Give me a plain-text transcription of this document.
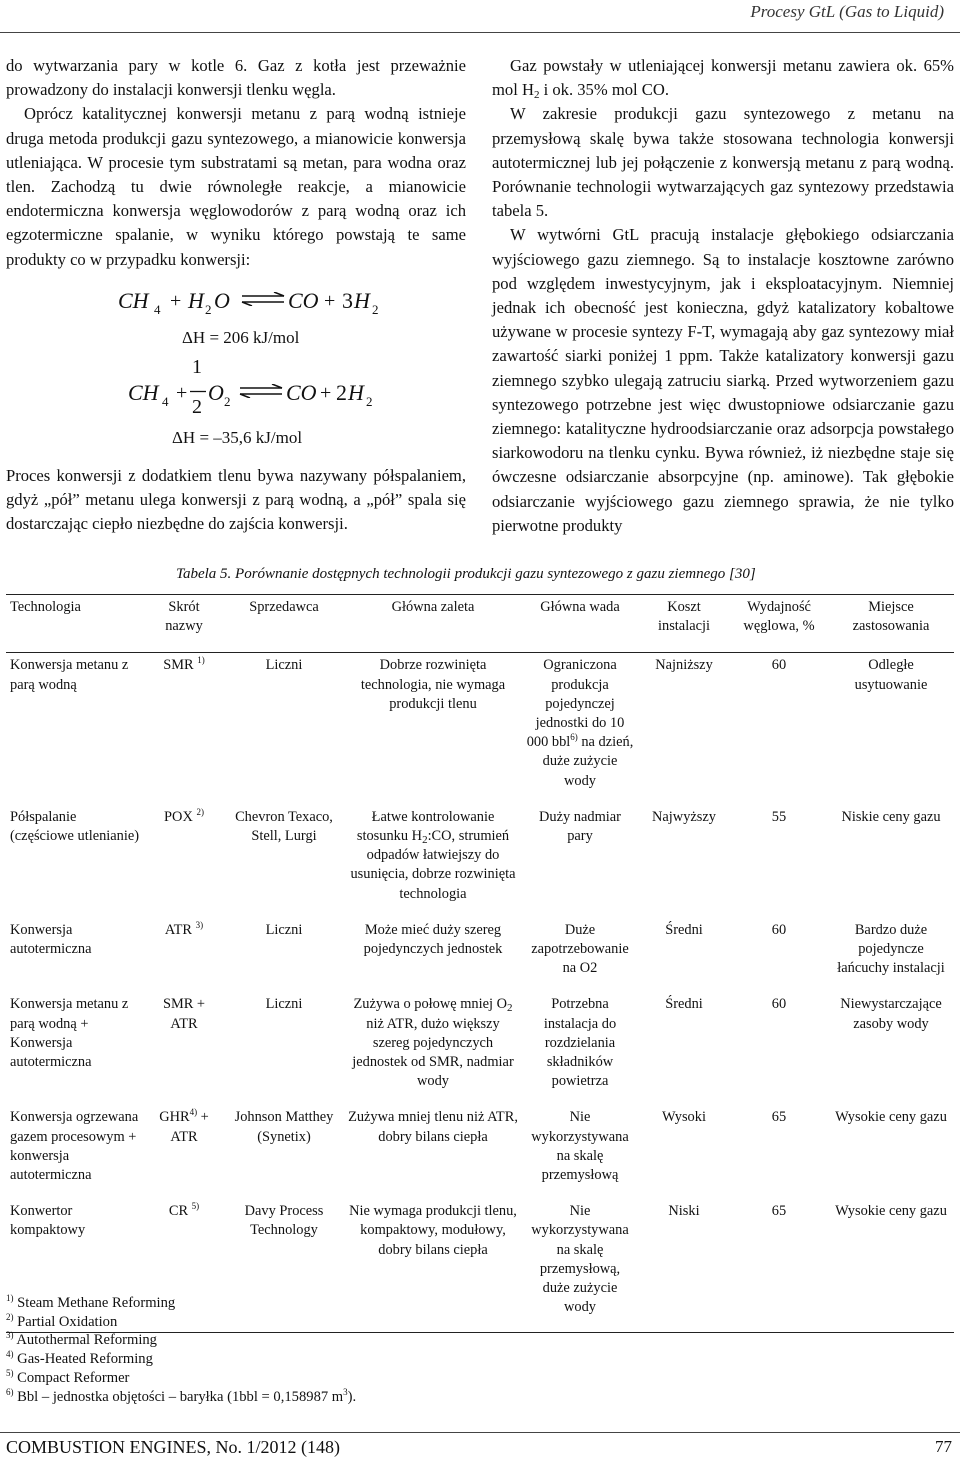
Procesy GtL (Gas to Liquid)

do wytwarzania pary w kotle 6. Gaz z kotła jest przeważnie prowadzony do instalacji konwersji tlenku węgla.

Oprócz katalitycznej konwersji metanu z parą wodną istnieje druga metoda produkcji gazu syntezowego, a mianowicie konwersja utleniająca. W procesie tym substratami są metan, para wodna oraz tlen. Zachodzą tu dwie równoległe reakcje, a mianowicie endotermiczna konwersja węglowodorów z parą wodną oraz ich egzotermiczne spalanie, w wyniku którego powstają te same produkty co w przypadku konwersji:

CH 4 + H 2 O ⇌ CO + 3 H 2
ΔH = 206 kJ/mol
CH 4 +
1
2
O 2 ⇌ CO + 2 H 2
ΔH = –35,6 kJ/mol

Proces konwersji z dodatkiem tlenu bywa nazywany półspalaniem, gdyż „pół” metanu ulega konwersji z parą wodną, a „pół” spala się dostarczając ciepło niezbędne do zajścia konwersji.

Gaz powstały w utleniającej konwersji metanu zawiera ok. 65% mol $H_2$ i ok. 35% mol CO.

W zakresie produkcji gazu syntezowego z metanu na przemysłową skalę bywa także stosowana technologia konwersji autotermicznej lub jej połączenie z konwersją metanu z parą wodną. Porównanie technologii wytwarzających gaz syntezowy przedstawia tabela 5.

W wytwórni GtL pracują instalacje głębokiego odsiarczania wyjściowego gazu ziemnego. Są to instalacje kosztowne zarówno pod względem inwestycyjnym, jak i eksploatacyjnym. Niemniej jednak ich obecność jest konieczna, gdyż katalizatory kobaltowe używane w procesie syntezy F-T, wymagają aby gaz syntezowy miał zawartość siarki poniżej 1 ppm. Także katalizatory konwersji gazu ziemnego szybko ulegają zatruciu siarką. Przed wytworzeniem gazu syntezowego potrzebne jest więc dwustopniowe odsiarczanie gazu ziemnego: katalityczne hydroodsiarczanie oraz adsorpcja powstałego siarkowodoru na tlenku cynku. Bywa również, iż niezbędne staje się ówczesne odsiarczanie absorpcyjne (np. aminowe). Tak głębokie odsiarczanie wyjściowego gazu ziemnego sprawia, że nie tylko pierwotne produkty

Tabela 5. Porównanie dostępnych technologii produkcji gazu syntezowego z gazu ziemnego [30]
Technologia	Skrót nazwy	Sprzedawca	Główna zaleta	Główna wada	Koszt instalacji	Wydajność węglowa, %	Miejsce zastosowania
Konwersja metanu z parą wodną	SMR $^{1)}$	Liczni	Dobrze rozwinięta technologia, nie wymaga produkcji tlenu	Ograniczona produkcja pojedynczej jednostki do 10 000 bbl$^{6)}$ na dzień, duże zużycie wody	Najniższy	60	Odległe usytuowanie
Półspalanie (częściowe utlenianie)	POX $^{2)}$	Chevron Texaco, Stell, Lurgi	Łatwe kontrolowanie stosunku $H_2:CO$, strumień odpadów łatwiejszy do usunięcia, dobrze rozwinięta technologia	Duży nadmiar pary	Najwyższy	55	Niskie ceny gazu
Konwersja autotermiczna	ATR $^{3)}$	Liczni	Może mieć duży szereg pojedynczych jednostek	Duże zapotrzebowanie na O2	Średni	60	Bardzo duże pojedyncze łańcuchy instalacji
Konwersja metanu z parą wodną + Konwersja autotermiczna	SMR + ATR	Liczni	Zużywa o połowę mniej $O_2$ niż ATR, dużo większy szereg pojedynczych jednostek od SMR, nadmiar wody	Potrzebna instalacja do rozdzielania składników powietrza	Średni	60	Niewystarczające zasoby wody
Konwersja ogrzewana gazem procesowym + konwersja autotermiczna	$GHR^{4)}$ + ATR	Johnson Matthey (Synetix)	Zużywa mniej tlenu niż ATR, dobry bilans ciepła	Nie wykorzystywana na skalę przemysłową	Wysoki	65	Wysokie ceny gazu
Konwertor kompaktowy	CR $^{5)}$	Davy Process Technology	Nie wymaga produkcji tlenu, kompaktowy, modułowy, dobry bilans ciepła	Nie wykorzystywana na skalę przemysłową, duże zużycie wody	Niski	65	Wysokie ceny gazu
$^{1)}$ Steam Methane Reforming
$^{2)}$ Partial Oxidation
$^{3)}$ Autothermal Reforming
$^{4)}$ Gas-Heated Reforming
$^{5)}$ Compact Reformer
$^{6)}$ Bbl – jednostka objętości – baryłka (1bbl = 0,158987 $m^3$).
COMBUSTION ENGINES, No. 1/2012 (148)	77
